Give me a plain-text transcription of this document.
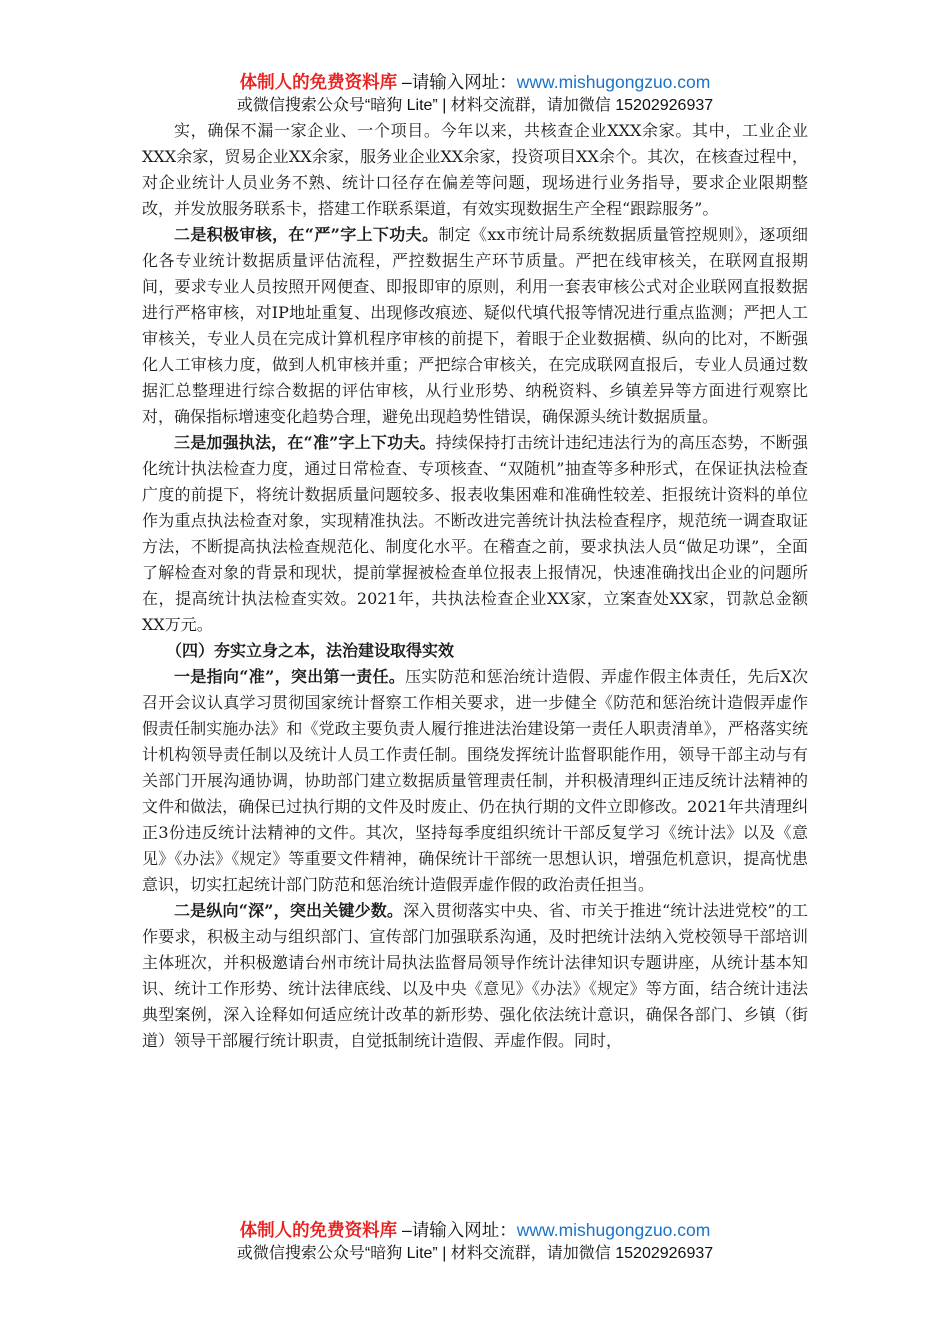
体制人的免费资料库 –请输入网址：www.mishugongzuo.com
或微信搜索公众号“暗狗 Lite” | 材料交流群，请加微信 15202926937

实，确保不漏一家企业、一个项目。今年以来，共核查企业XXX余家。其中，工业企业XXX余家，贸易企业XX余家，服务业企业XX余家，投资项目XX余个。其次，在核查过程中，对企业统计人员业务不熟、统计口径存在偏差等问题，现场进行业务指导，要求企业限期整改，并发放服务联系卡，搭建工作联系渠道，有效实现数据生产全程“跟踪服务”。

二是积极审核，在“严”字上下功夫。制定《xx市统计局系统数据质量管控规则》，逐项细化各专业统计数据质量评估流程，严控数据生产环节质量。严把在线审核关，在联网直报期间，要求专业人员按照开网便查、即报即审的原则，利用一套表审核公式对企业联网直报数据进行严格审核，对IP地址重复、出现修改痕迹、疑似代填代报等情况进行重点监测；严把人工审核关，专业人员在完成计算机程序审核的前提下，着眼于企业数据横、纵向的比对，不断强化人工审核力度，做到人机审核并重；严把综合审核关，在完成联网直报后，专业人员通过数据汇总整理进行综合数据的评估审核，从行业形势、纳税资料、乡镇差异等方面进行观察比对，确保指标增速变化趋势合理，避免出现趋势性错误，确保源头统计数据质量。

三是加强执法，在“准”字上下功夫。持续保持打击统计违纪违法行为的高压态势，不断强化统计执法检查力度，通过日常检查、专项核查、“双随机”抽查等多种形式，在保证执法检查广度的前提下，将统计数据质量问题较多、报表收集困难和准确性较差、拒报统计资料的单位作为重点执法检查对象，实现精准执法。不断改进完善统计执法检查程序，规范统一调查取证方法，不断提高执法检查规范化、制度化水平。在稽查之前，要求执法人员“做足功课”，全面了解检查对象的背景和现状，提前掌握被检查单位报表上报情况，快速准确找出企业的问题所在，提高统计执法检查实效。2021年，共执法检查企业XX家，立案查处XX家，罚款总金额XX万元。

（四）夯实立身之本，法治建设取得实效

一是指向“准”，突出第一责任。压实防范和惩治统计造假、弄虚作假主体责任，先后X次召开会议认真学习贯彻国家统计督察工作相关要求，进一步健全《防范和惩治统计造假弄虚作假责任制实施办法》和《党政主要负责人履行推进法治建设第一责任人职责清单》，严格落实统计机构领导责任制以及统计人员工作责任制。围绕发挥统计监督职能作用，领导干部主动与有关部门开展沟通协调，协助部门建立数据质量管理责任制，并积极清理纠正违反统计法精神的文件和做法，确保已过执行期的文件及时废止、仍在执行期的文件立即修改。2021年共清理纠正3份违反统计法精神的文件。其次，坚持每季度组织统计干部反复学习《统计法》以及《意见》《办法》《规定》等重要文件精神，确保统计干部统一思想认识，增强危机意识，提高忧患意识，切实扛起统计部门防范和惩治统计造假弄虚作假的政治责任担当。

二是纵向“深”，突出关键少数。深入贯彻落实中央、省、市关于推进“统计法进党校”的工作要求，积极主动与组织部门、宣传部门加强联系沟通，及时把统计法纳入党校领导干部培训主体班次，并积极邀请台州市统计局执法监督局领导作统计法律知识专题讲座，从统计基本知识、统计工作形势、统计法律底线、以及中央《意见》《办法》《规定》等方面，结合统计违法典型案例，深入诠释如何适应统计改革的新形势、强化依法统计意识，确保各部门、乡镇（街道）领导干部履行统计职责，自觉抵制统计造假、弄虚作假。同时，

体制人的免费资料库 –请输入网址：www.mishugongzuo.com
或微信搜索公众号“暗狗 Lite” | 材料交流群，请加微信 15202926937
